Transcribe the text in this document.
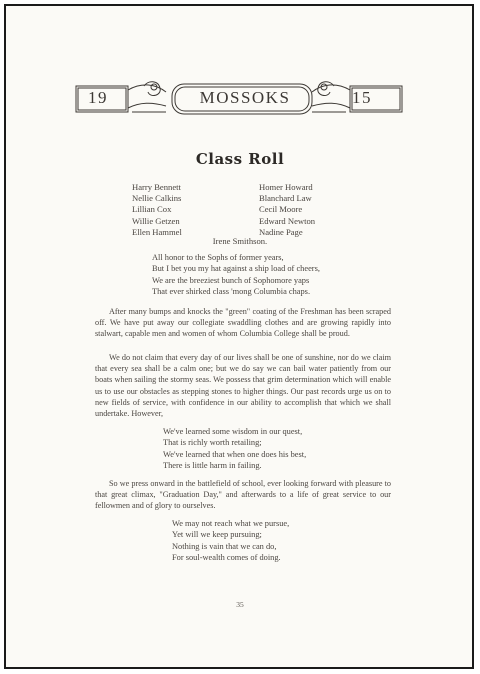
19	MOSSOKS	15
Class Roll
Harry Bennett
Nellie Calkins
Lillian Cox
Willie Getzen
Ellen Hammel
Homer Howard
Blanchard Law
Cecil Moore
Edward Newton
Nadine Page
Irene Smithson.
All honor to the Sophs of former years,
But I bet you my hat against a ship load of cheers,
We are the breeziest bunch of Sophomore yaps
That ever shirked class 'mong Columbia chaps.
After many bumps and knocks the "green" coating of the Freshman has been scraped off. We have put away our collegiate swaddling clothes and are growing rapidly into stalwart, capable men and women of whom Columbia College shall be proud.
We do not claim that every day of our lives shall be one of sunshine, nor do we claim that every sea shall be a calm one; but we do say we can bail water patiently from our boats when sailing the stormy seas. We possess that grim determination which will enable us to use our obstacles as stepping stones to higher things. Our past records urge us on to new fields of service, with confidence in our ability to accomplish that which we shall undertake. However,
We've learned some wisdom in our quest,
That is richly worth retailing;
We've learned that when one does his best,
There is little harm in failing.
So we press onward in the battlefield of school, ever looking forward with pleasure to that great climax, "Graduation Day," and afterwards to a life of great service to our fellowmen and of glory to ourselves.
We may not reach what we pursue,
Yet will we keep pursuing;
Nothing is vain that we can do,
For soul-wealth comes of doing.
35
